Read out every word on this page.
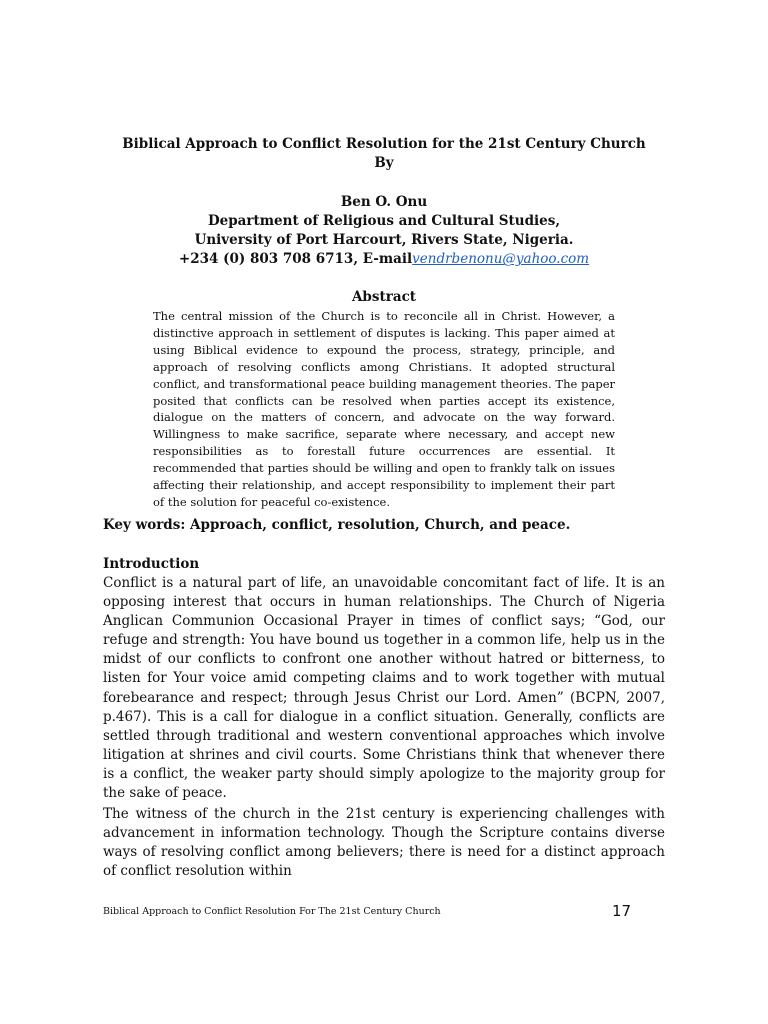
Biblical Approach to Conflict Resolution for the 21st Century Church
By
Ben O. Onu
Department of Religious and Cultural Studies,
University of Port Harcourt, Rivers State, Nigeria.
+234 (0) 803 708 6713, E-mailvendrbenonu@yahoo.com
Abstract
The central mission of the Church is to reconcile all in Christ. However, a distinctive approach in settlement of disputes is lacking. This paper aimed at using Biblical evidence to expound the process, strategy, principle, and approach of resolving conflicts among Christians. It adopted structural conflict, and transformational peace building management theories. The paper posited that conflicts can be resolved when parties accept its existence, dialogue on the matters of concern, and advocate on the way forward. Willingness to make sacrifice, separate where necessary, and accept new responsibilities as to forestall future occurrences are essential. It recommended that parties should be willing and open to frankly talk on issues affecting their relationship, and accept responsibility to implement their part of the solution for peaceful co-existence.
Key words: Approach, conflict, resolution, Church, and peace.
Introduction
Conflict is a natural part of life, an unavoidable concomitant fact of life. It is an opposing interest that occurs in human relationships. The Church of Nigeria Anglican Communion Occasional Prayer in times of conflict says; “God, our refuge and strength: You have bound us together in a common life, help us in the midst of our conflicts to confront one another without hatred or bitterness, to listen for Your voice amid competing claims and to work together with mutual forebearance and respect; through Jesus Christ our Lord. Amen” (BCPN, 2007, p.467). This is a call for dialogue in a conflict situation. Generally, conflicts are settled through traditional and western conventional approaches which involve litigation at shrines and civil courts. Some Christians think that whenever there is a conflict, the weaker party should simply apologize to the majority group for the sake of peace.
The witness of the church in the 21st century is experiencing challenges with advancement in information technology. Though the Scripture contains diverse ways of resolving conflict among believers; there is need for a distinct approach of conflict resolution within
Biblical Approach to Conflict Resolution For The 21st Century Church	17
